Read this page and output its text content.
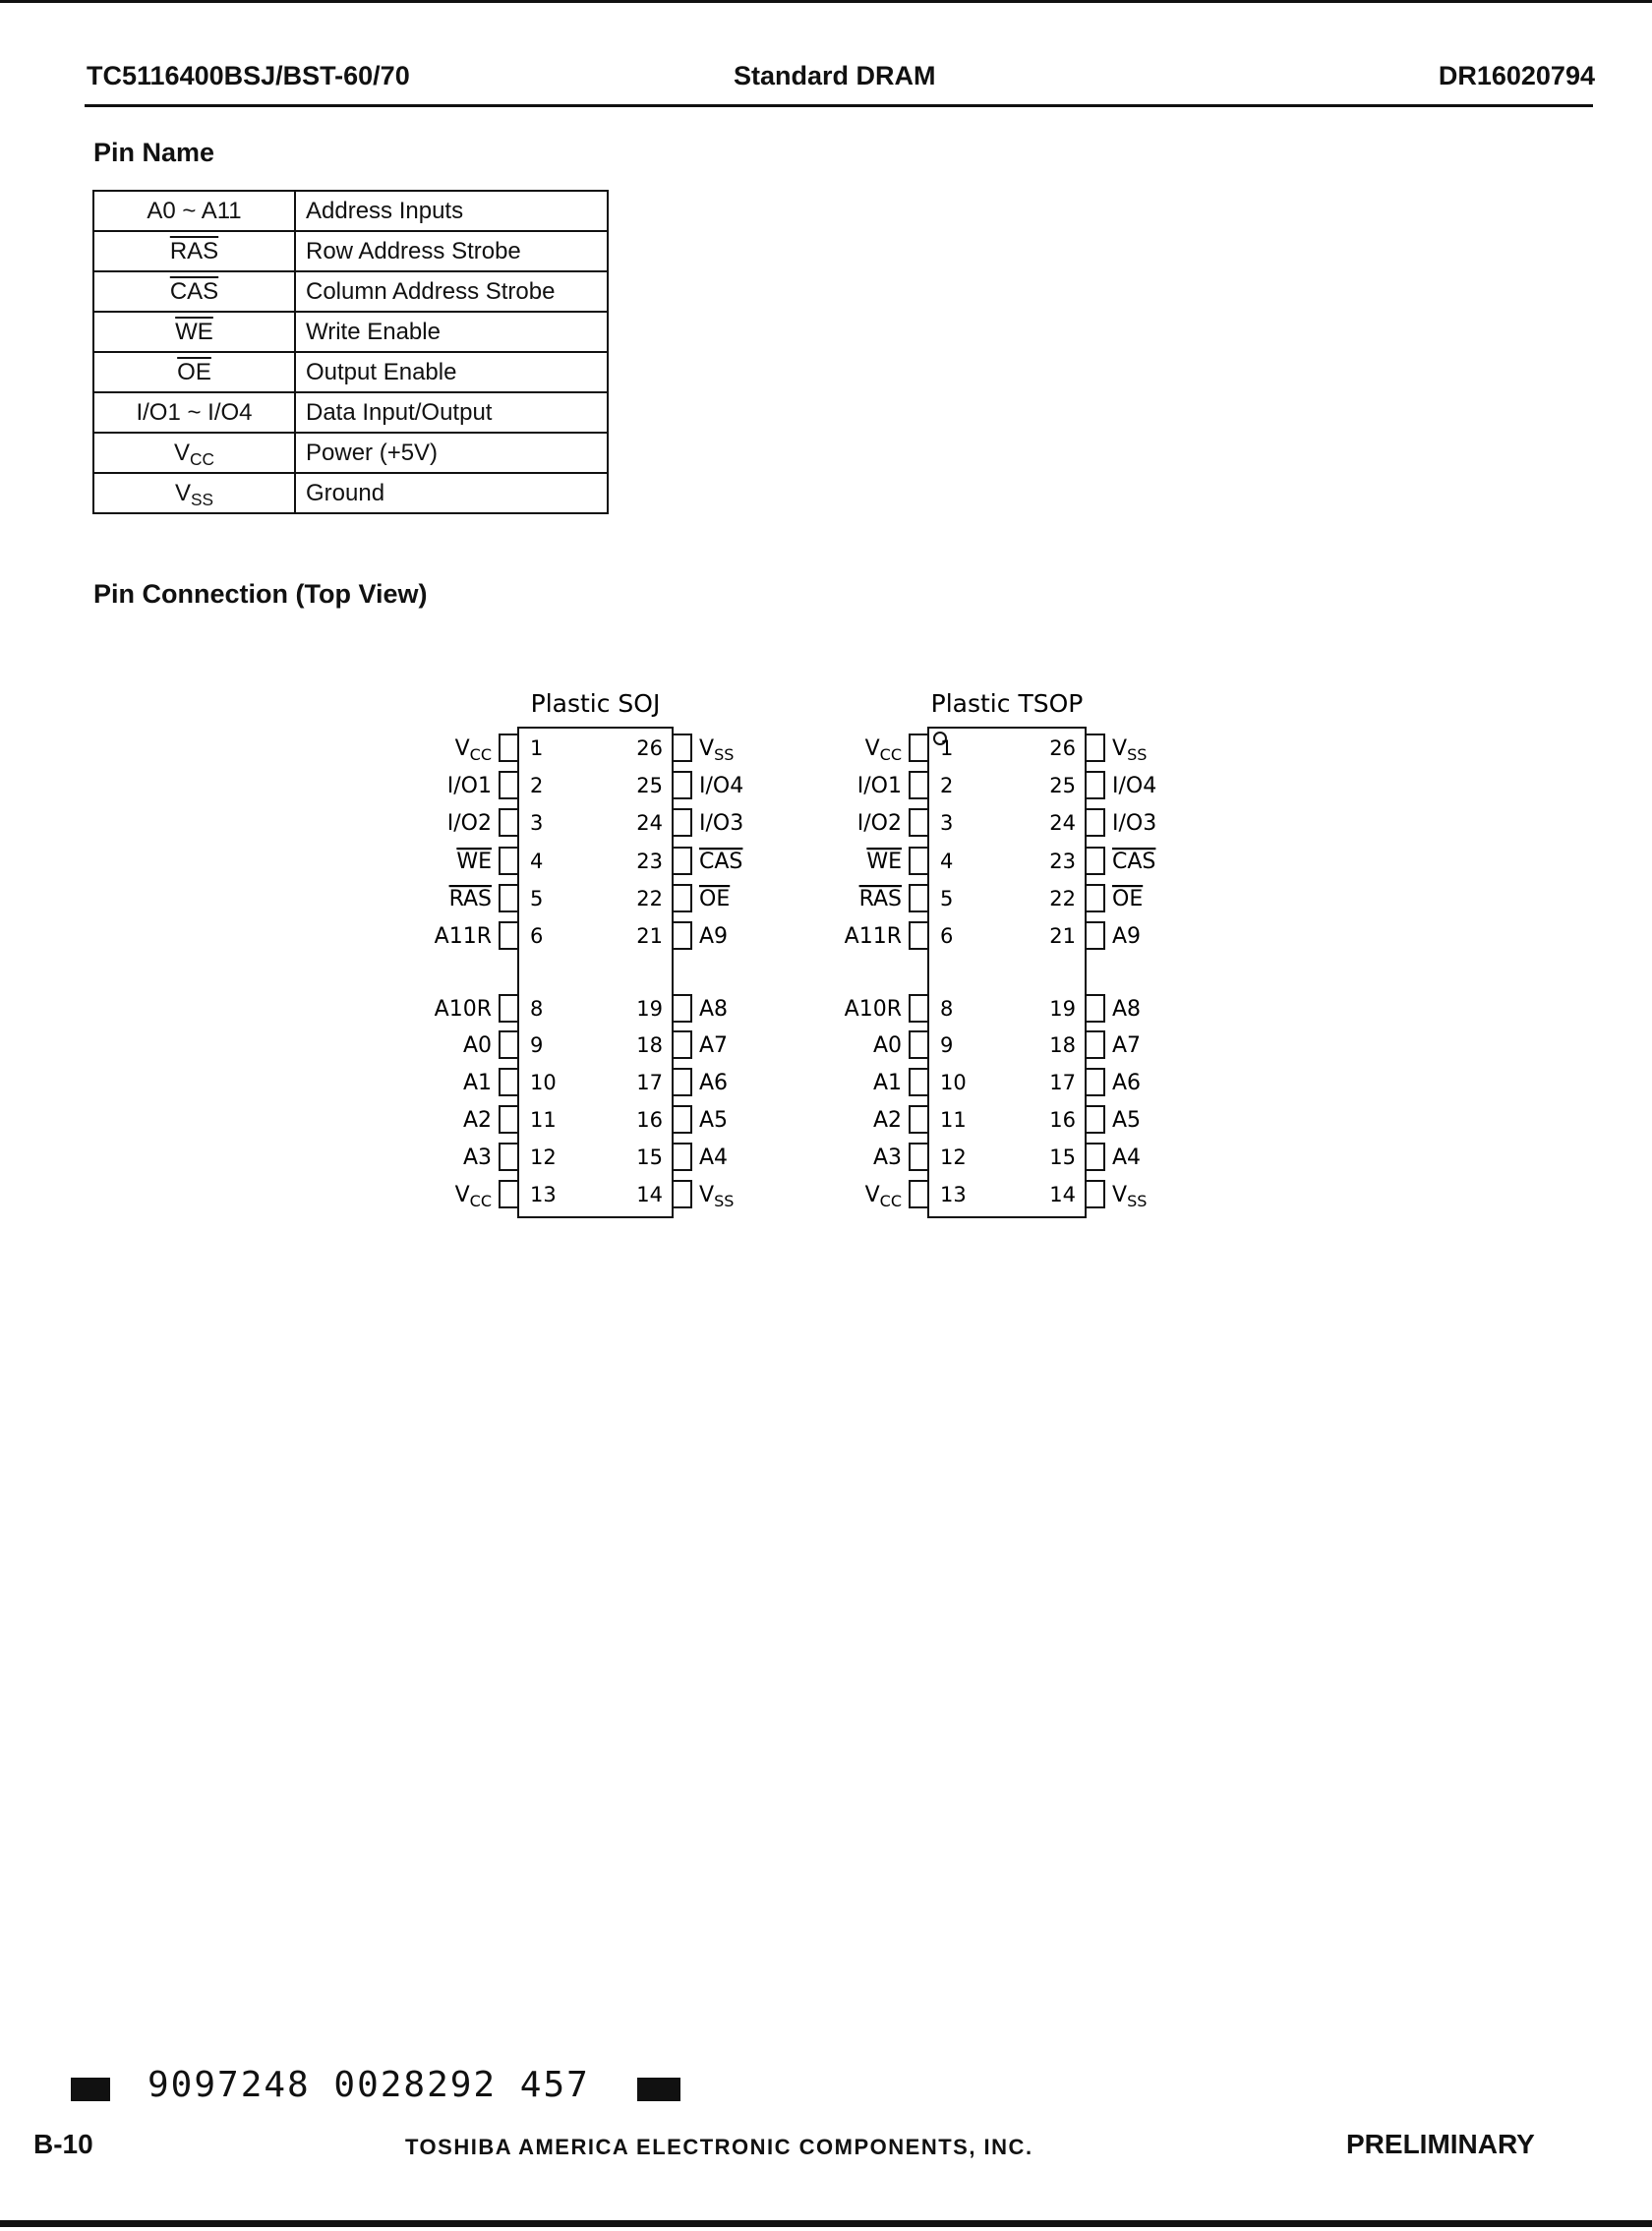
TC5116400BSJ/BST-60/70	Standard DRAM	DR16020794
Pin Name
A0 ~ A11	Address Inputs
$\overline{RAS}$	Row Address Strobe
$\overline{CAS}$	Column Address Strobe
$\overline{WE}$	Write Enable
$\overline{OE}$	Output Enable
I/O1 ~ I/O4	Data Input/Output
$V_{CC}$	Power (+5V)
$V_{SS}$	Ground
Pin Connection (Top View)
Plastic SOJ
1
$V_{CC}$
2
I/O1
3
I/O2
4
WE
5
RAS
6
A11R
8
A10R
9
A0
10
A1
11
A2
12
A3
13
$V_{CC}$
26 $V_{SS}$
25 I/O4
24 I/O3
23 CAS
22 OE
21 A9
19 A8
18 A7
17 A6
16 A5
15 A4
14 $V_{SS}$
Plastic TSOP
1
$V_{CC}$
2
I/O1
3
I/O2
4
WE
5
RAS
6
A11R
8
A10R
9
A0
10
A1
11
A2
12
A3
13
$V_{CC}$
26 $V_{SS}$
25 I/O4
24 I/O3
23 CAS
22 OE
21 A9
19 A8
18 A7
17 A6
16 A5
15 A4
14 $V_{SS}$
9097248 0028292 457
B-10	TOSHIBA AMERICA ELECTRONIC COMPONENTS, INC.	PRELIMINARY
